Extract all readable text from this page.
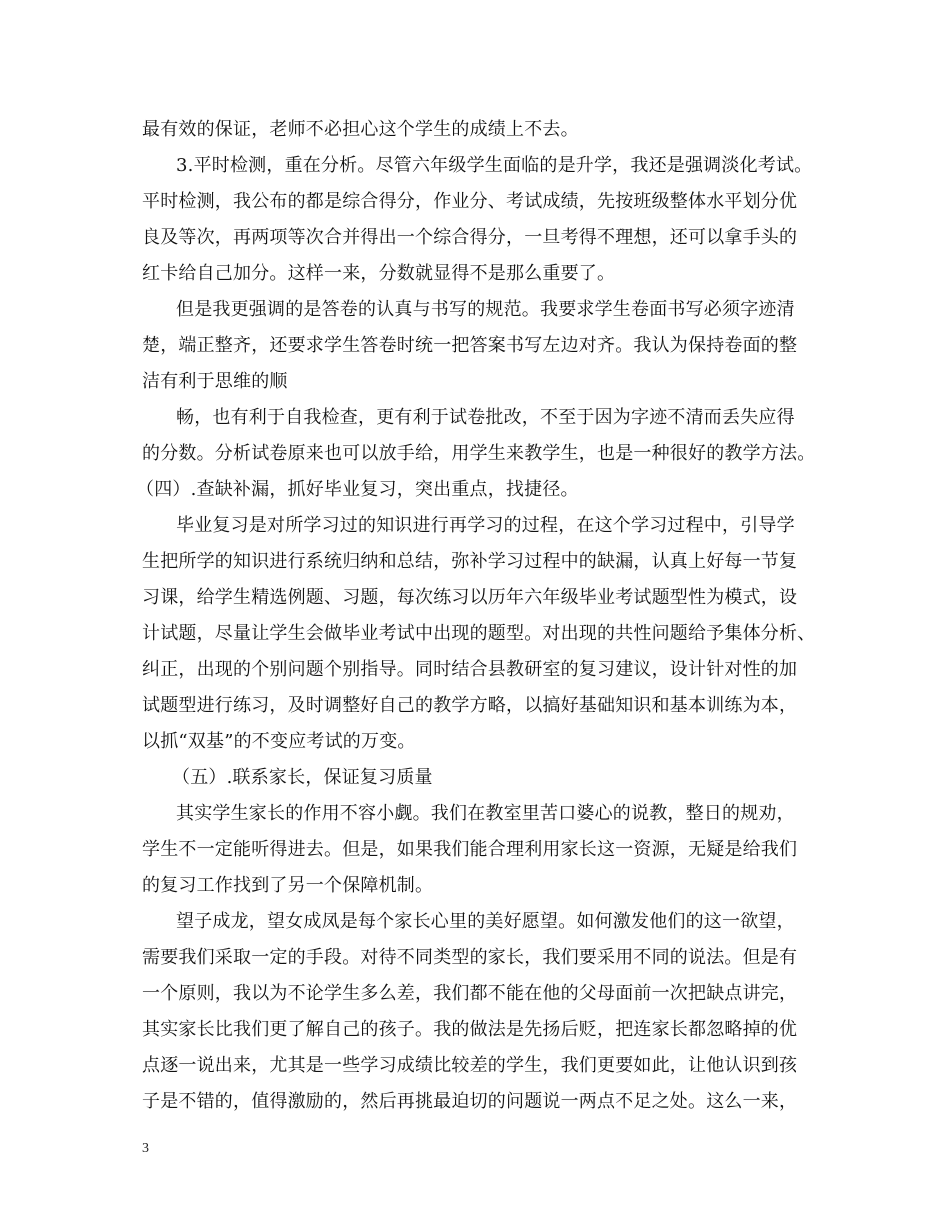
最有效的保证，老师不必担心这个学生的成绩上不去。
3.平时检测，重在分析。尽管六年级学生面临的是升学，我还是强调淡化考试。
平时检测，我公布的都是综合得分，作业分、考试成绩，先按班级整体水平划分优
良及等次，再两项等次合并得出一个综合得分，一旦考得不理想，还可以拿手头的
红卡给自己加分。这样一来，分数就显得不是那么重要了。
但是我更强调的是答卷的认真与书写的规范。我要求学生卷面书写必须字迹清
楚，端正整齐，还要求学生答卷时统一把答案书写左边对齐。我认为保持卷面的整
洁有利于思维的顺
畅，也有利于自我检查，更有利于试卷批改，不至于因为字迹不清而丢失应得
的分数。分析试卷原来也可以放手给，用学生来教学生，也是一种很好的教学方法。
（四）.查缺补漏，抓好毕业复习，突出重点，找捷径。
毕业复习是对所学习过的知识进行再学习的过程，在这个学习过程中，引导学
生把所学的知识进行系统归纳和总结，弥补学习过程中的缺漏，认真上好每一节复
习课，给学生精选例题、习题，每次练习以历年六年级毕业考试题型性为模式，设
计试题，尽量让学生会做毕业考试中出现的题型。对出现的共性问题给予集体分析、
纠正，出现的个别问题个别指导。同时结合县教研室的复习建议，设计针对性的加
试题型进行练习，及时调整好自己的教学方略，以搞好基础知识和基本训练为本，
以抓“双基”的不变应考试的万变。
（五）.联系家长，保证复习质量
其实学生家长的作用不容小觑。我们在教室里苦口婆心的说教，整日的规劝，
学生不一定能听得进去。但是，如果我们能合理利用家长这一资源，无疑是给我们
的复习工作找到了另一个保障机制。
望子成龙，望女成凤是每个家长心里的美好愿望。如何激发他们的这一欲望，
需要我们采取一定的手段。对待不同类型的家长，我们要采用不同的说法。但是有
一个原则，我以为不论学生多么差，我们都不能在他的父母面前一次把缺点讲完，
其实家长比我们更了解自己的孩子。我的做法是先扬后贬，把连家长都忽略掉的优
点逐一说出来，尤其是一些学习成绩比较差的学生，我们更要如此，让他认识到孩
子是不错的，值得激励的，然后再挑最迫切的问题说一两点不足之处。这么一来，
3
